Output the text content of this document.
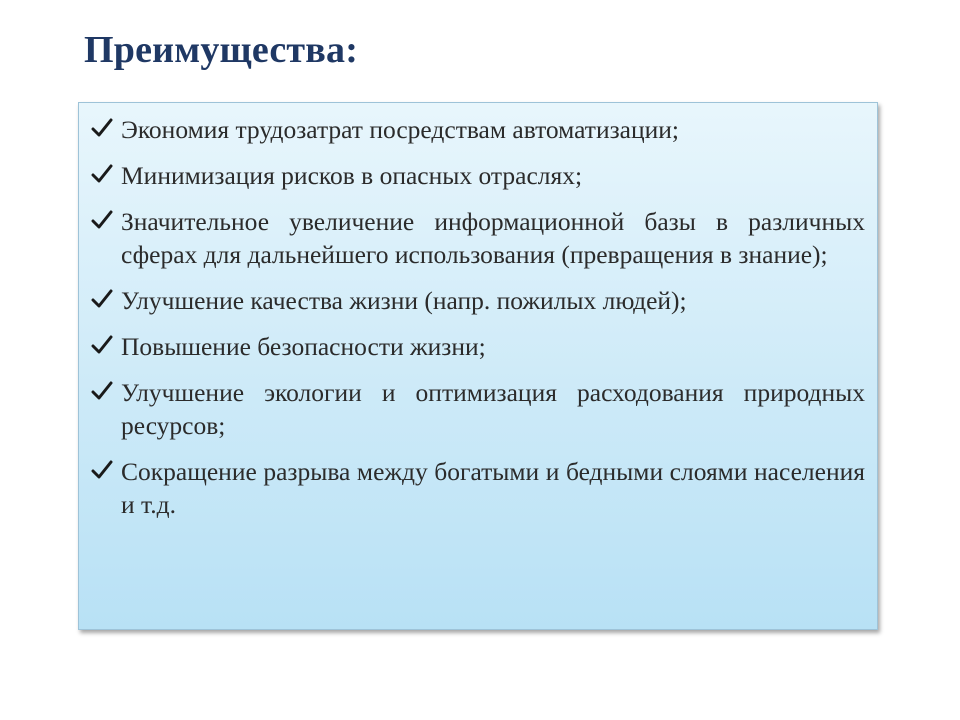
Преимущества:
Экономия трудозатрат посредствам автоматизации;
Минимизация рисков в опасных отраслях;
Значительное увеличение информационной базы в различных сферах для дальнейшего использования (превращения в знание);
Улучшение качества жизни (напр. пожилых людей);
Повышение безопасности жизни;
Улучшение экологии и оптимизация расходования природных ресурсов;
Сокращение разрыва между богатыми и бедными слоями населения и т.д.
